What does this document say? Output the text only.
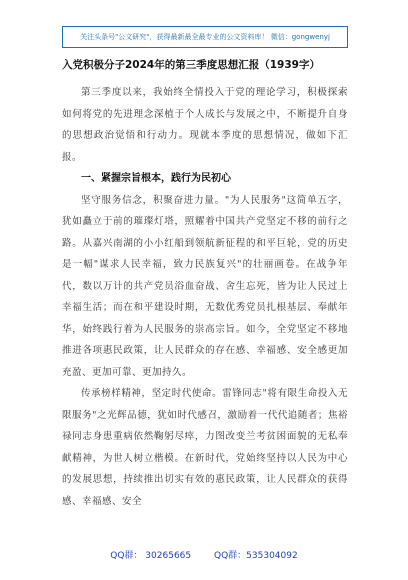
关注头条号"公文研究"，获得最新最全最专业的公文资料库！ 微信：gongwenyj
入党积极分子2024年的第三季度思想汇报（1939字）

第三季度以来，我始终全情投入于党的理论学习，积极探索如何将党的先进理念深植于个人成长与发展之中，不断提升自身的思想政治觉悟和行动力。现就本季度的思想情况，做如下汇报。

一、紧握宗旨根本，践行为民初心

坚守服务信念，积聚奋进力量。"为人民服务"这简单五字，犹如矗立于前的璀璨灯塔，照耀着中国共产党坚定不移的前行之路。从嘉兴南湖的小小红船到领航新征程的和平巨轮，党的历史是一幅"谋求人民幸福，致力民族复兴"的壮丽画卷。在战争年代，数以万计的共产党员浴血奋战、舍生忘死，皆为让人民过上幸福生活；而在和平建设时期，无数优秀党员扎根基层、奉献年华，始终践行着为人民服务的崇高宗旨。如今，全党坚定不移地推进各项惠民政策，让人民群众的存在感、幸福感、安全感更加充盈、更加可靠、更加持久。

传承榜样精神，坚定时代使命。雷锋同志"将有限生命投入无限服务"之光辉品德，犹如时代感召，激励着一代代追随者；焦裕禄同志身患重病依然鞠躬尽瘁，力图改变兰考贫困面貌的无私奉献精神，为世人树立楷模。在新时代，党始终坚持以人民为中心的发展思想，持续推出切实有效的惠民政策，让人民群众的获得感、幸福感、安全

QQ群： 30265665	QQ群：535304092
